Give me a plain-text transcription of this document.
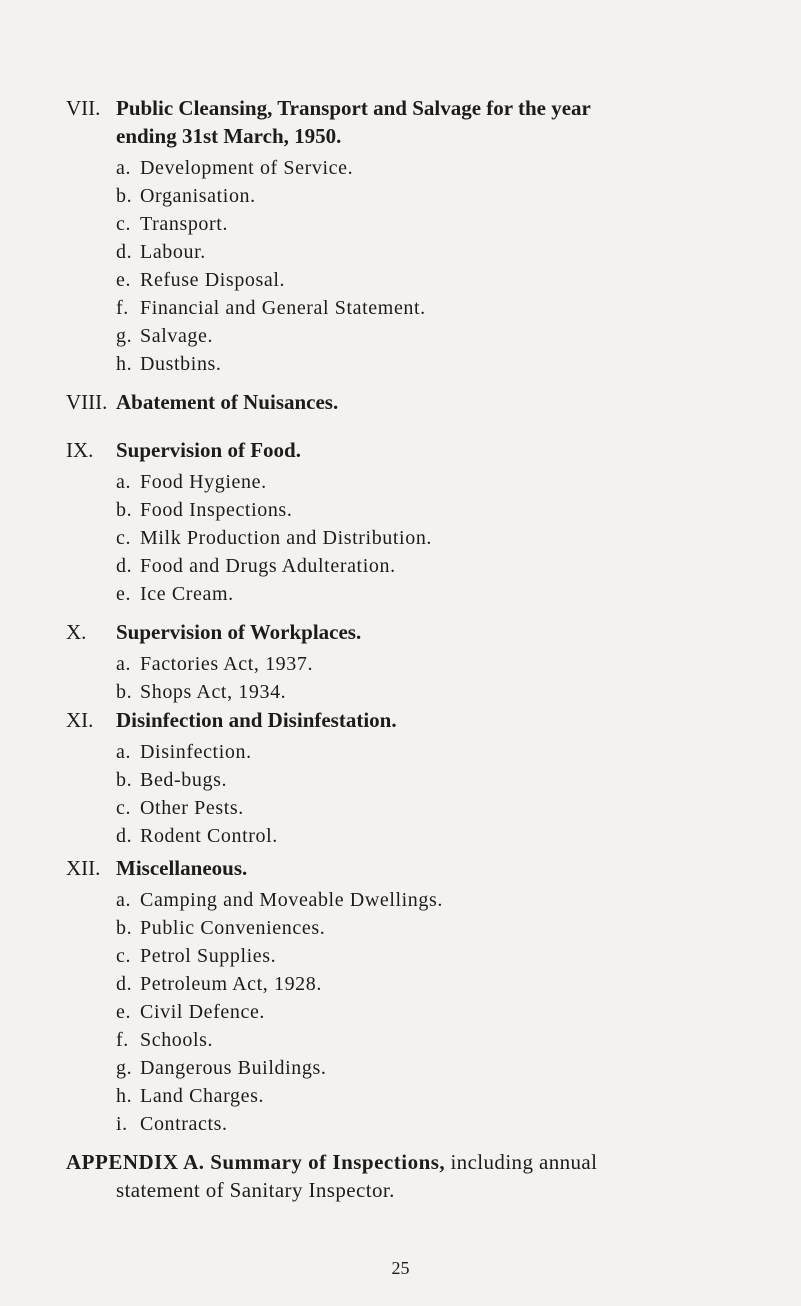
VII. Public Cleansing, Transport and Salvage for the year
ending 31st March, 1950.
a. Development of Service.
b. Organisation.
c. Transport.
d. Labour.
e. Refuse Disposal.
f. Financial and General Statement.
g. Salvage.
h. Dustbins.
VIII. Abatement of Nuisances.
IX. Supervision of Food.
a. Food Hygiene.
b. Food Inspections.
c. Milk Production and Distribution.
d. Food and Drugs Adulteration.
e. Ice Cream.
X. Supervision of Workplaces.
a. Factories Act, 1937.
b. Shops Act, 1934.
XI. Disinfection and Disinfestation.
a. Disinfection.
b. Bed-bugs.
c. Other Pests.
d. Rodent Control.
XII. Miscellaneous.
a. Camping and Moveable Dwellings.
b. Public Conveniences.
c. Petrol Supplies.
d. Petroleum Act, 1928.
e. Civil Defence.
f. Schools.
g. Dangerous Buildings.
h. Land Charges.
i. Contracts.
APPENDIX A. Summary of Inspections, including annual
statement of Sanitary Inspector.
25
